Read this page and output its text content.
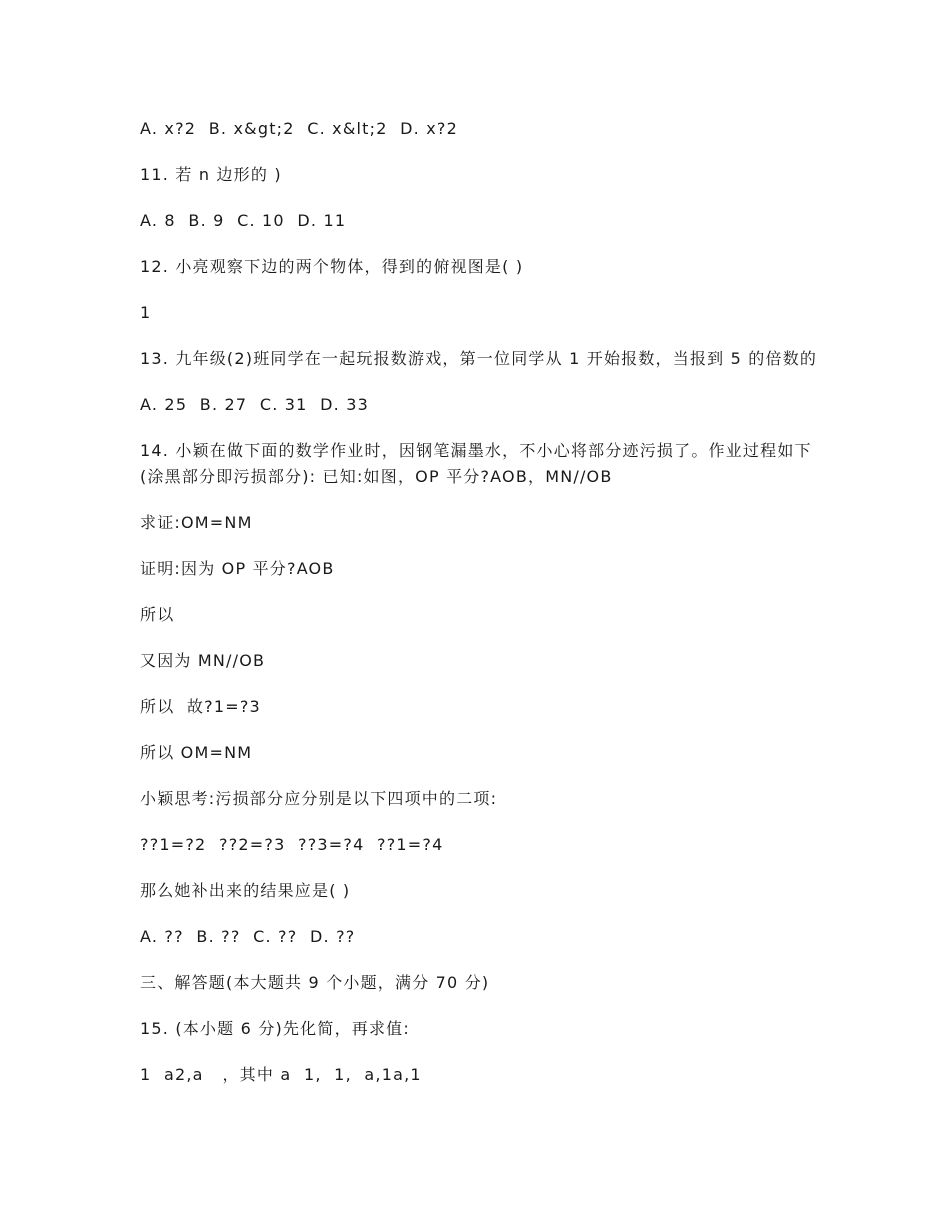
A. x?2  B. x&gt;2  C. x&lt;2  D. x?2

11. 若 n 边形的 )

A. 8  B. 9  C. 10  D. 11

12. 小亮观察下边的两个物体，得到的俯视图是( )

1

13. 九年级(2)班同学在一起玩报数游戏，第一位同学从 1 开始报数，当报到 5 的倍数的

A. 25  B. 27  C. 31  D. 33

14. 小颖在做下面的数学作业时，因钢笔漏墨水，不小心将部分迹污损了。作业过程如下(涂黑部分即污损部分): 已知:如图，OP 平分?AOB，MN//OB

求证:OM=NM

证明:因为 OP 平分?AOB

所以

又因为 MN//OB

所以  故?1=?3

所以 OM=NM

小颖思考:污损部分应分别是以下四项中的二项:

??1=?2  ??2=?3  ??3=?4  ??1=?4

那么她补出来的结果应是( )

A. ??  B. ??  C. ??  D. ??

三、解答题(本大题共 9 个小题，满分 70 分)

15. (本小题 6 分)先化简，再求值:

1  a2,a   ，其中 a  1,  1,  a,1a,1
